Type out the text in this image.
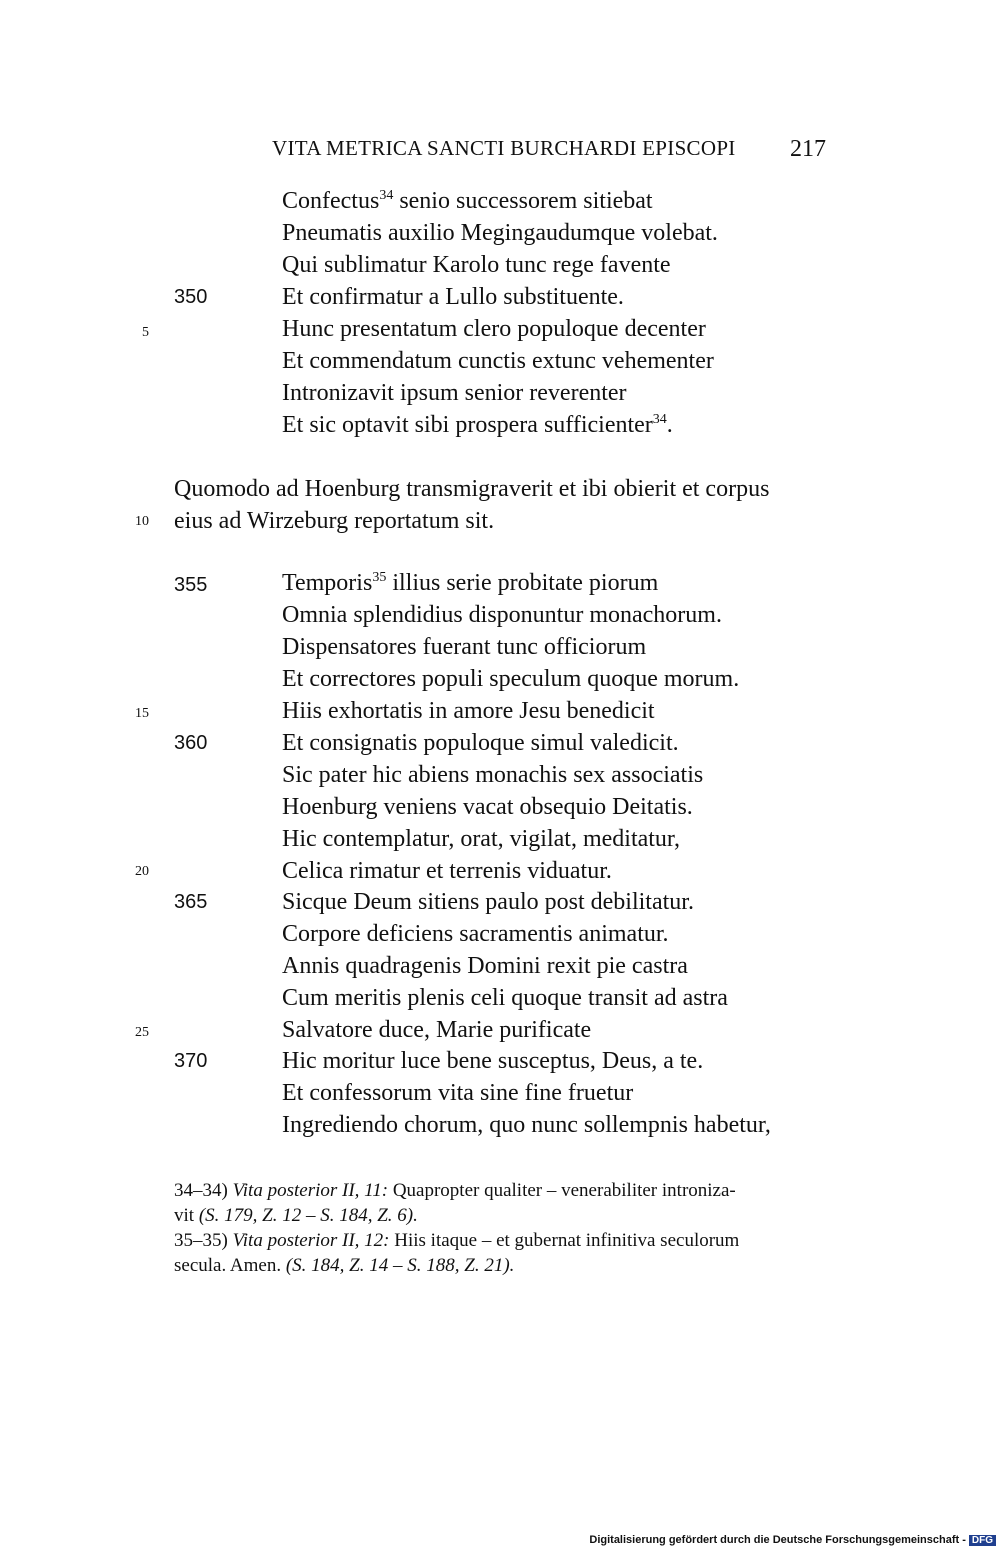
VITA METRICA SANCTI BURCHARDI EPISCOPI 217
Confectus$^{34}$ senio successorem sitiebat
Pneumatis auxilio Megingaudumque volebat.
Qui sublimatur Karolo tunc rege favente
350	Et confirmatur a Lullo substituente.
5	Hunc presentatum clero populoque decenter
Et commendatum cunctis extunc vehementer
Intronizavit ipsum senior reverenter
Et sic optavit sibi prospera sufficienter$^{34}$.
Quomodo ad Hoenburg transmigraverit et ibi obierit et corpus
10 eius ad Wirzeburg reportatum sit.
355	Temporis$^{35}$ illius serie probitate piorum
Omnia splendidius disponuntur monachorum.
Dispensatores fuerant tunc officiorum
Et correctores populi speculum quoque morum.
15	Hiis exhortatis in amore Jesu benedicit
360	Et consignatis populoque simul valedicit.
Sic pater hic abiens monachis sex associatis
Hoenburg veniens vacat obsequio Deitatis.
Hic contemplatur, orat, vigilat, meditatur,
20	Celica rimatur et terrenis viduatur.
365	Sicque Deum sitiens paulo post debilitatur.
Corpore deficiens sacramentis animatur.
Annis quadragenis Domini rexit pie castra
Cum meritis plenis celi quoque transit ad astra
25	Salvatore duce, Marie purificate
370	Hic moritur luce bene susceptus, Deus, a te.
Et confessorum vita sine fine fruetur
Ingrediendo chorum, quo nunc sollempnis habetur,
34–34) Vita posterior II, 11: Quapropter qualiter – venerabiliter introniza-
vit (S. 179, Z. 12 – S. 184, Z. 6).
35–35) Vita posterior II, 12: Hiis itaque – et gubernat infinitiva seculorum
secula. Amen. (S. 184, Z. 14 – S. 188, Z. 21).
Digitalisierung gefördert durch die Deutsche Forschungsgemeinschaft - DFG
